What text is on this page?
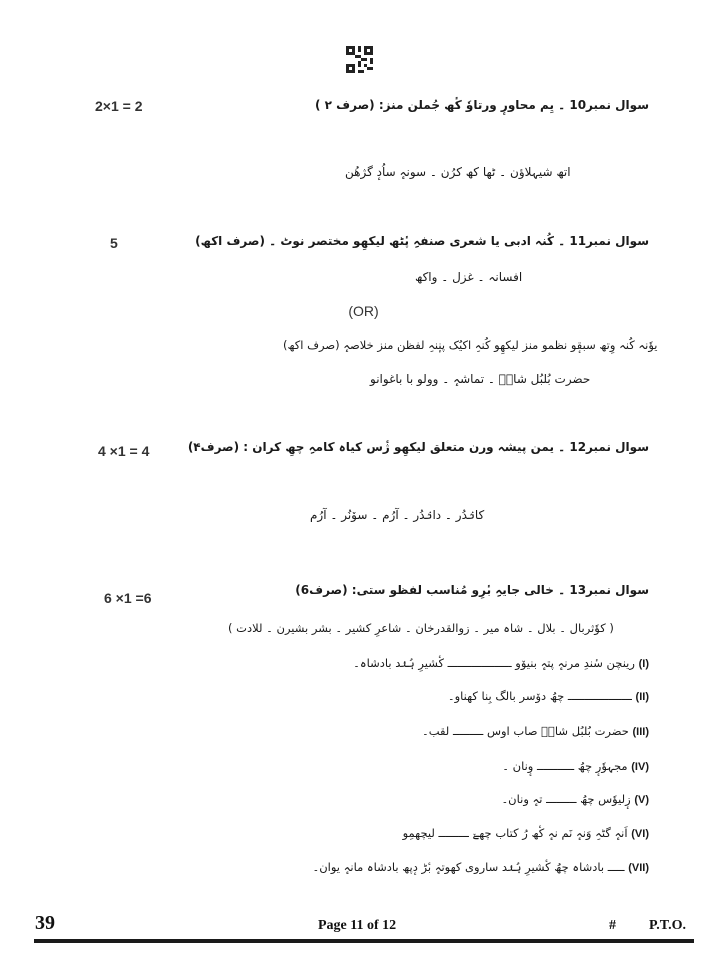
2×1 = 2	سوال نمبر10 ۔ یِم محاورٕ ورتاوٗ کٔھ جُملن منز: (صرف ۲ )
اتھ شیہلاؤن ۔ ٹھا کھ کرُن ۔ سونہٕ ساُدٕ گژھُن
5	سوال نمبر11 ۔ کُنہ ادبی یا شعری صنفہِ پٔٹھ لیکھِو مختصر نوٹ ۔ (صرف اکھ)
افسانہ ۔ غزل ۔ واکھ
(OR)
یوٗنہ کُنہ وِتھ سبقٕو نظمو منز لیکھِو کُنہِ اکیُک پنٕنہِ لفظن منز خلاصہٕ (صرف اکھ)
حضرت بُلبُل شاہؒ ۔ تماشہٕ ۔ وولو با باغوانو
4 ×1 = 4	سوال نمبر12 ۔ یمن پیشہ ورن متعلق لیکھِو ژٔس کیاہ کامہِ چھِ کران : (صرف۴)
کانٛدُر ۔ دانٛدُر ۔ آرُم ۔ سوٚنُر ۔ آرُم
6 ×1 =6	سوال نمبر13 ۔ خالی جایہِ بٔرِو مُناسب لفظو ستی: (صرف6)
( کوٗثربال ۔ بلال ۔ شاہ میر ۔ زوالقدرخان ۔ شاعرِ کشیر ۔ بشر بشیرن ۔ للادت )
(I) رینچن سٔندِ مرنہٕ پتہٕ بنیوٚو ـــــــــــــــــــ کٔشیرِ ہُنٛد بادشاہ۔
(II) ـــــــــــــــــــ چھُ دوٚسر بالگ بِنا کھناو۔
(III) حضرت بُلبُل شاہؒ صاب اوس ـــــــــ لقب۔
(IV) مجہوٗرٕ چھُ ـــــــــــ وٕنان ۔
(V) زٕلیوٗس چھُ ـــــــــ تہٕ ونان۔
(VI) اَنہٕ گٹہِ وَنہٕ نَم نہٕ کٔھ رُ کتاب چھےٚ ـــــــــ لیچھمِو
(VII) ـــــ بادشاہ چھُ کٔشیرِ ہُنٛد ساروی کھوتہٕ بٔڑ دٕپھ بادشاہ مانہٕ یوان۔
39	Page 11 of 12	# P.T.O.
